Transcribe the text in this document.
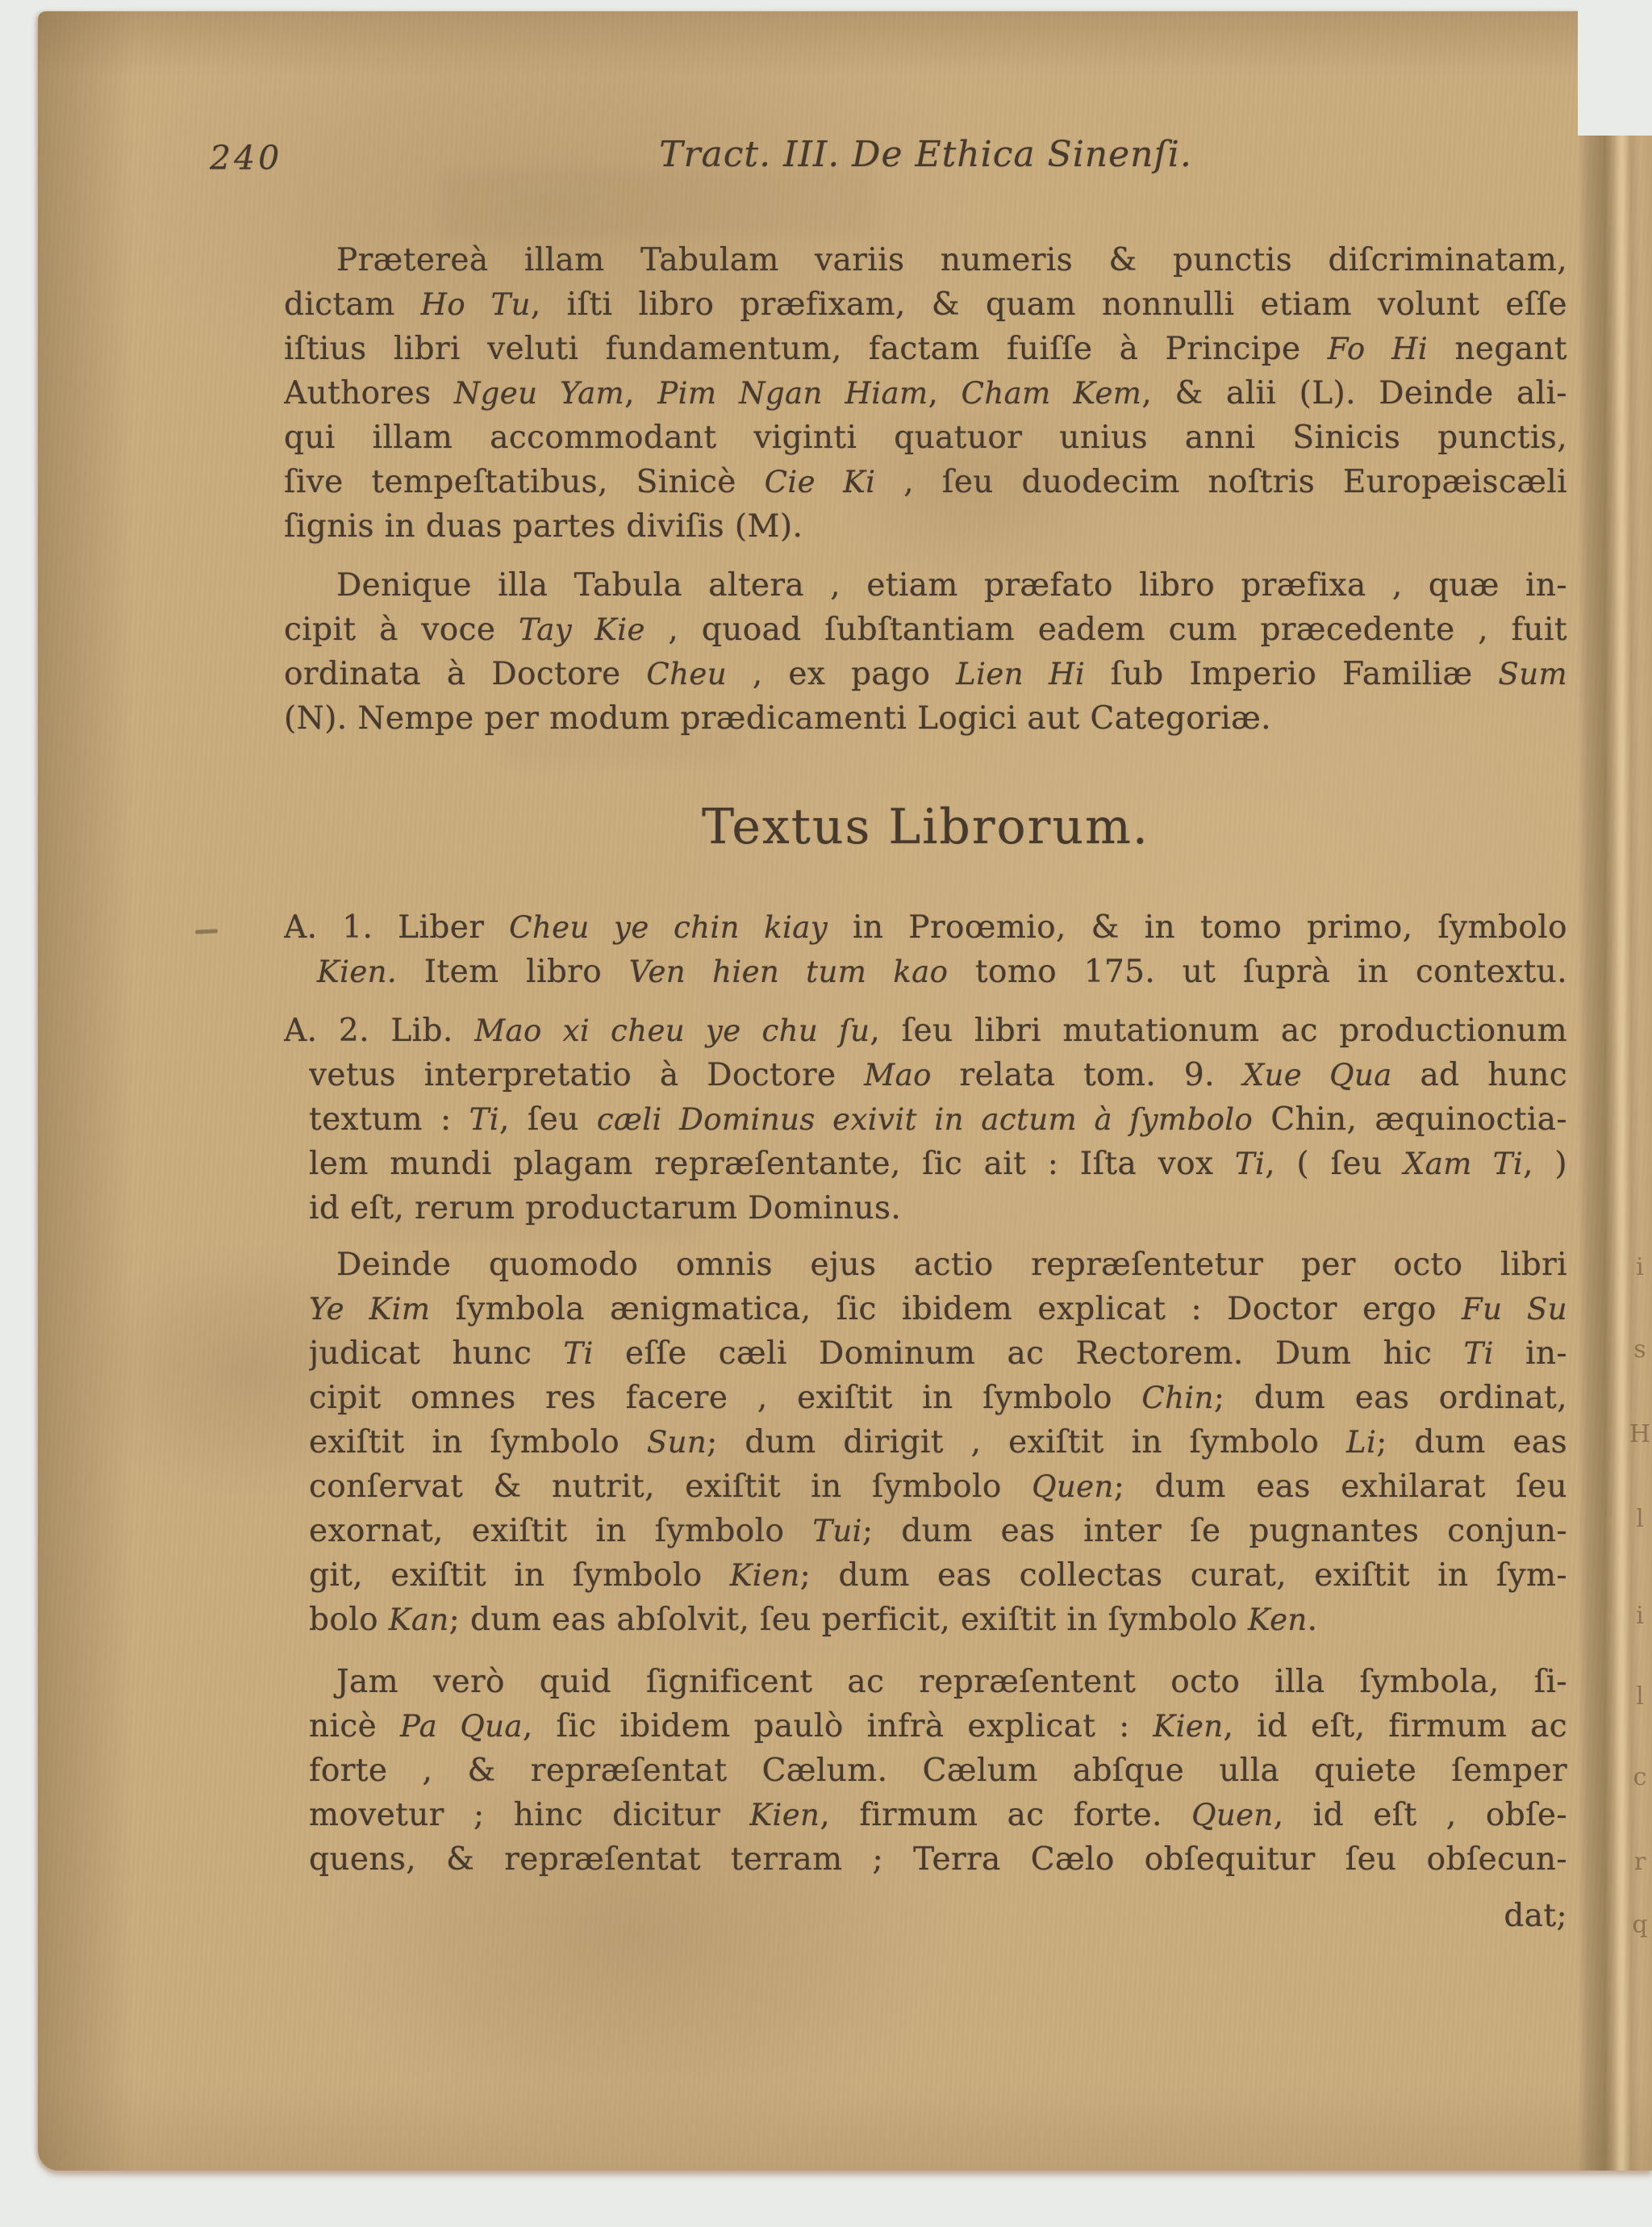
240	Tract. III. De Ethica Sinenſi.
Prætereà illam Tabulam variis numeris & punctis diſcriminatam,
dictam Ho Tu, iſti libro præfixam, & quam nonnulli etiam volunt eſſe
iſtius libri veluti fundamentum, factam fuiſſe à Principe Fo Hi negant
Authores Ngeu Yam, Pim Ngan Hiam, Cham Kem, & alii (L). Deinde ali-
qui illam accommodant viginti quatuor unius anni Sinicis punctis,
ſive tempeſtatibus, Sinicè Cie Ki , ſeu duodecim noſtris Europæiscæli
ſignis in duas partes diviſis (M).
Denique illa Tabula altera , etiam præfato libro præfixa , quæ in-
cipit à voce Tay Kie , quoad ſubſtantiam eadem cum præcedente , fuit
ordinata à Doctore Cheu , ex pago Lien Hi ſub Imperio Familiæ Sum
(N). Nempe per modum prædicamenti Logici aut Categoriæ.
Textus Librorum.
A. 1. Liber Cheu ye chin kiay in Proœmio, & in tomo primo, ſymbolo
Kien. Item libro Ven hien tum kao tomo 175. ut ſuprà in contextu.
A. 2. Lib. Mao xi cheu ye chu ſu, ſeu libri mutationum ac productionum
vetus interpretatio à Doctore Mao relata tom. 9. Xue Qua ad hunc
textum : Ti, ſeu cæli Dominus exivit in actum à ſymbolo Chin, æquinoctia-
lem mundi plagam repræſentante, ſic ait : Iſta vox Ti, ( ſeu Xam Ti, )
id eſt, rerum productarum Dominus.
Deinde quomodo omnis ejus actio repræſentetur per octo libri
Ye Kim ſymbola ænigmatica, ſic ibidem explicat : Doctor ergo Fu Su
judicat hunc Ti eſſe cæli Dominum ac Rectorem. Dum hic Ti in-
cipit omnes res facere , exiſtit in ſymbolo Chin; dum eas ordinat,
exiſtit in ſymbolo Sun; dum dirigit , exiſtit in ſymbolo Li; dum eas
conſervat & nutrit, exiſtit in ſymbolo Quen; dum eas exhilarat ſeu
exornat, exiſtit in ſymbolo Tui; dum eas inter ſe pugnantes conjun-
git, exiſtit in ſymbolo Kien; dum eas collectas curat, exiſtit in ſym-
bolo Kan; dum eas abſolvit, ſeu perficit, exiſtit in ſymbolo Ken.
Jam verò quid ſignificent ac repræſentent octo illa ſymbola, ſi-
nicè Pa Qua, ſic ibidem paulò infrà explicat : Kien, id eſt, firmum ac
forte , & repræſentat Cælum. Cælum abſque ulla quiete ſemper
movetur ; hinc dicitur Kien, firmum ac forte. Quen, id eſt , obſe-
quens, & repræſentat terram ; Terra Cælo obſequitur ſeu obſecun-
dat;
i
s
H
l
i
l
c
r
q
